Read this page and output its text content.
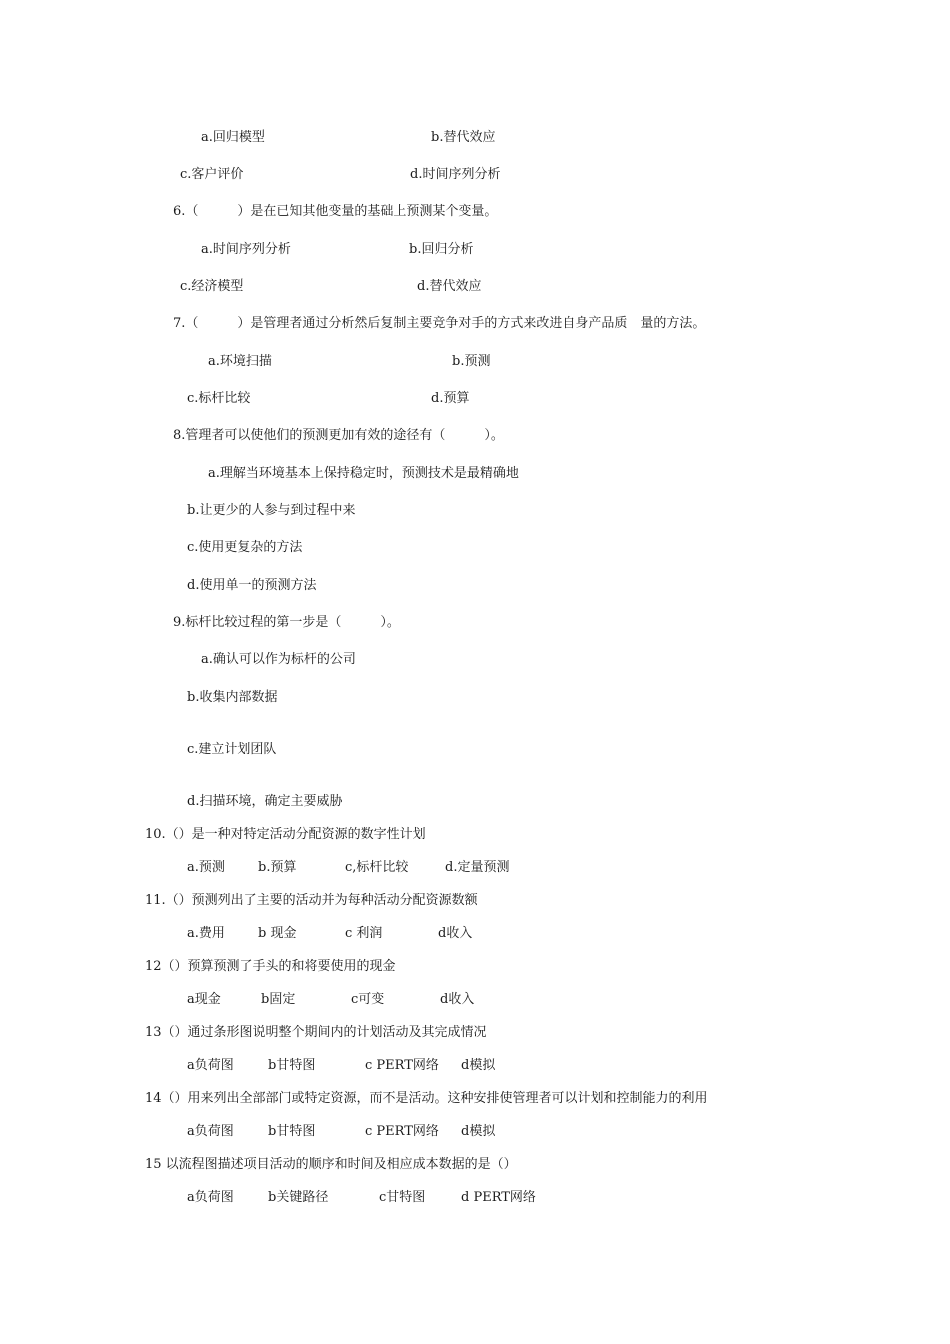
a.回归模型	b.替代效应
c.客户评价	d.时间序列分析
6.（　　　）是在已知其他变量的基础上预测某个变量。
a.时间序列分析	b.回归分析
c.经济模型	d.替代效应
7.（　　　）是管理者通过分析然后复制主要竞争对手的方式来改进自身产品质　量的方法。
a.环境扫描	b.预测
c.标杆比较	d.预算
8.管理者可以使他们的预测更加有效的途径有（　　　）。
a.理解当环境基本上保持稳定时，预测技术是最精确地
b.让更少的人参与到过程中来
c.使用更复杂的方法
d.使用单一的预测方法
9.标杆比较过程的第一步是（　　　）。
a.确认可以作为标杆的公司
b.收集内部数据
c.建立计划团队
d.扫描环境，确定主要威胁
10.（）是一种对特定活动分配资源的数字性计划
a.预测	b.预算	c,标杆比较	d.定量预测
11.（）预测列出了主要的活动并为每种活动分配资源数额
a.费用	b 现金	c 利润	d收入
12（）预算预测了手头的和将要使用的现金
a现金	b固定	c可变	d收入
13（）通过条形图说明整个期间内的计划活动及其完成情况
a负荷图	b甘特图	c PERT网络 d模拟
14（）用来列出全部部门或特定资源，而不是活动。这种安排使管理者可以计划和控制能力的利用
a负荷图	b甘特图	c PERT网络 d模拟
15 以流程图描述项目活动的顺序和时间及相应成本数据的是（）
a负荷图	b关键路径	c甘特图	d PERT网络
